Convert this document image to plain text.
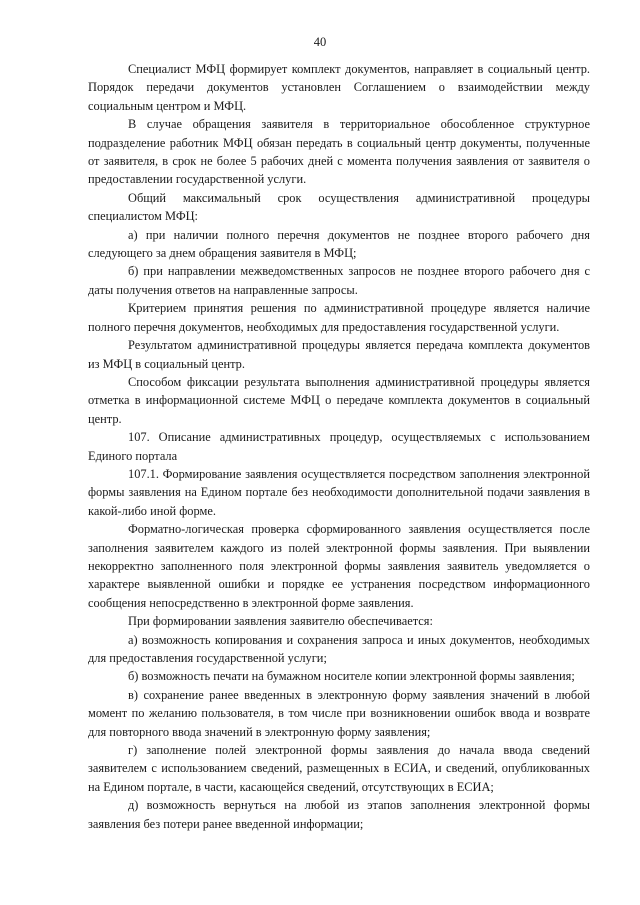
40

Специалист МФЦ формирует комплект документов, направляет в социальный центр. Порядок передачи документов установлен Соглашением о взаимодействии между социальным центром и МФЦ.

В случае обращения заявителя в территориальное обособленное структурное подразделение работник МФЦ обязан передать в социальный центр документы, полученные от заявителя, в срок не более 5 рабочих дней с момента получения заявления от заявителя о предоставлении государственной услуги.

Общий максимальный срок осуществления административной процедуры специалистом МФЦ:

а) при наличии полного перечня документов не позднее второго рабочего дня следующего за днем обращения заявителя в МФЦ;

б) при направлении межведомственных запросов не позднее второго рабочего дня с даты получения ответов на направленные запросы.

Критерием принятия решения по административной процедуре является наличие полного перечня документов, необходимых для предоставления государственной услуги.

Результатом административной процедуры является передача комплекта документов из МФЦ в социальный центр.

Способом фиксации результата выполнения административной процедуры является отметка в информационной системе МФЦ о передаче комплекта документов в социальный центр.

107. Описание административных процедур, осуществляемых с использованием Единого портала

107.1. Формирование заявления осуществляется посредством заполнения электронной формы заявления на Едином портале без необходимости дополнительной подачи заявления в какой-либо иной форме.

Форматно-логическая проверка сформированного заявления осуществляется после заполнения заявителем каждого из полей электронной формы заявления. При выявлении некорректно заполненного поля электронной формы заявления заявитель уведомляется о характере выявленной ошибки и порядке ее устранения посредством информационного сообщения непосредственно в электронной форме заявления.

При формировании заявления заявителю обеспечивается:

а) возможность копирования и сохранения запроса и иных документов, необходимых для предоставления государственной услуги;

б) возможность печати на бумажном носителе копии электронной формы заявления;

в) сохранение ранее введенных в электронную форму заявления значений в любой момент по желанию пользователя, в том числе при возникновении ошибок ввода и возврате для повторного ввода значений в электронную форму заявления;

г) заполнение полей электронной формы заявления до начала ввода сведений заявителем с использованием сведений, размещенных в ЕСИА, и сведений, опубликованных на Едином портале, в части, касающейся сведений, отсутствующих в ЕСИА;

д) возможность вернуться на любой из этапов заполнения электронной формы заявления без потери ранее введенной информации;
